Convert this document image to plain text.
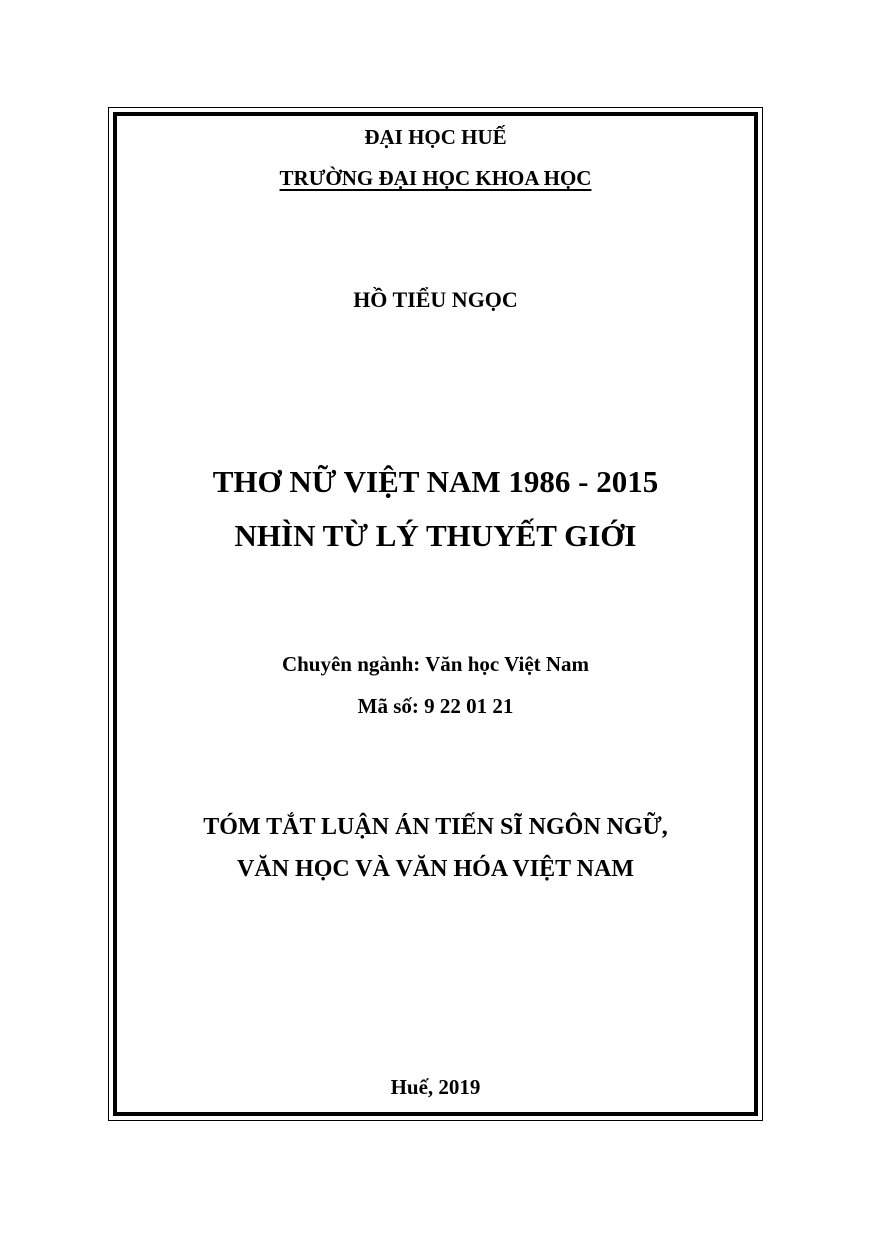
ĐẠI HỌC HUẾ
TRƯỜNG ĐẠI HỌC KHOA HỌC
HỒ TIỂU NGỌC
THƠ NỮ VIỆT NAM 1986 - 2015
NHÌN TỪ LÝ THUYẾT GIỚI
Chuyên ngành: Văn học Việt Nam
Mã số: 9 22 01 21
TÓM TẮT LUẬN ÁN TIẾN SĨ NGÔN NGỮ,
VĂN HỌC VÀ VĂN HÓA VIỆT NAM
Huế, 2019
